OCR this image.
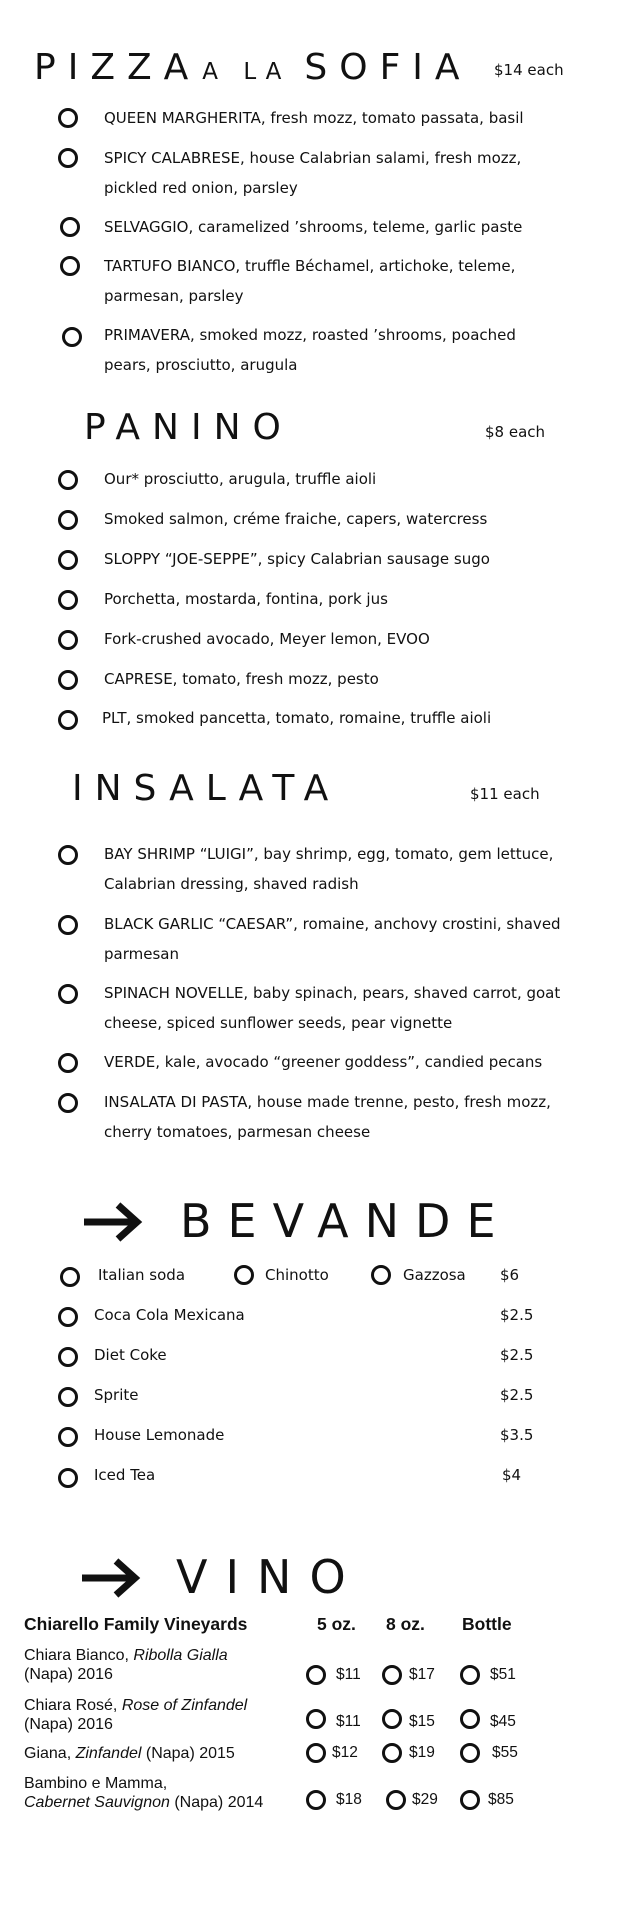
PIZZAA LA SOFIA $14 each
QUEEN MARGHERITA, fresh mozz, tomato passata, basil
SPICY CALABRESE, house Calabrian salami, fresh mozz, pickled red onion, parsley
SELVAGGIO, caramelized ’shrooms, teleme, garlic paste
TARTUFO BIANCO, truffle Béchamel, artichoke, teleme, parmesan, parsley
PRIMAVERA, smoked mozz, roasted ’shrooms, poached pears, prosciutto, arugula
PANINO	$8 each
Our* prosciutto, arugula, truffle aioli
Smoked salmon, créme fraiche, capers, watercress
SLOPPY “JOE-SEPPE”, spicy Calabrian sausage sugo
Porchetta, mostarda, fontina, pork jus
Fork-crushed avocado, Meyer lemon, EVOO
CAPRESE, tomato, fresh mozz, pesto
PLT, smoked pancetta, tomato, romaine, truffle aioli
INSALATA	$11 each
BAY SHRIMP “LUIGI”, bay shrimp, egg, tomato, gem lettuce, Calabrian dressing, shaved radish
BLACK GARLIC “CAESAR”, romaine, anchovy crostini, shaved parmesan
SPINACH NOVELLE, baby spinach, pears, shaved carrot, goat cheese, spiced sunflower seeds, pear vignette
VERDE, kale, avocado “greener goddess”, candied pecans
INSALATA DI PASTA, house made trenne, pesto, fresh mozz, cherry tomatoes, parmesan cheese
BEVANDE
Italian soda	Chinotto	Gazzosa $6
Coca Cola Mexicana	$2.5
Diet Coke	$2.5
Sprite	$2.5
House Lemonade	$3.5
Iced Tea	$4
VINO
Chiarello Family Vineyards	5 oz. 8 oz. Bottle
Chiara Bianco, Ribolla Gialla
(Napa) 2016	$11	$17	$51
Chiara Rosé, Rose of Zinfandel
(Napa) 2016	$11	$15	$45
Giana, Zinfandel (Napa) 2015	$12	$19	$55
Bambino e Mamma,
Cabernet Sauvignon (Napa) 2014	$18	$29	$85
